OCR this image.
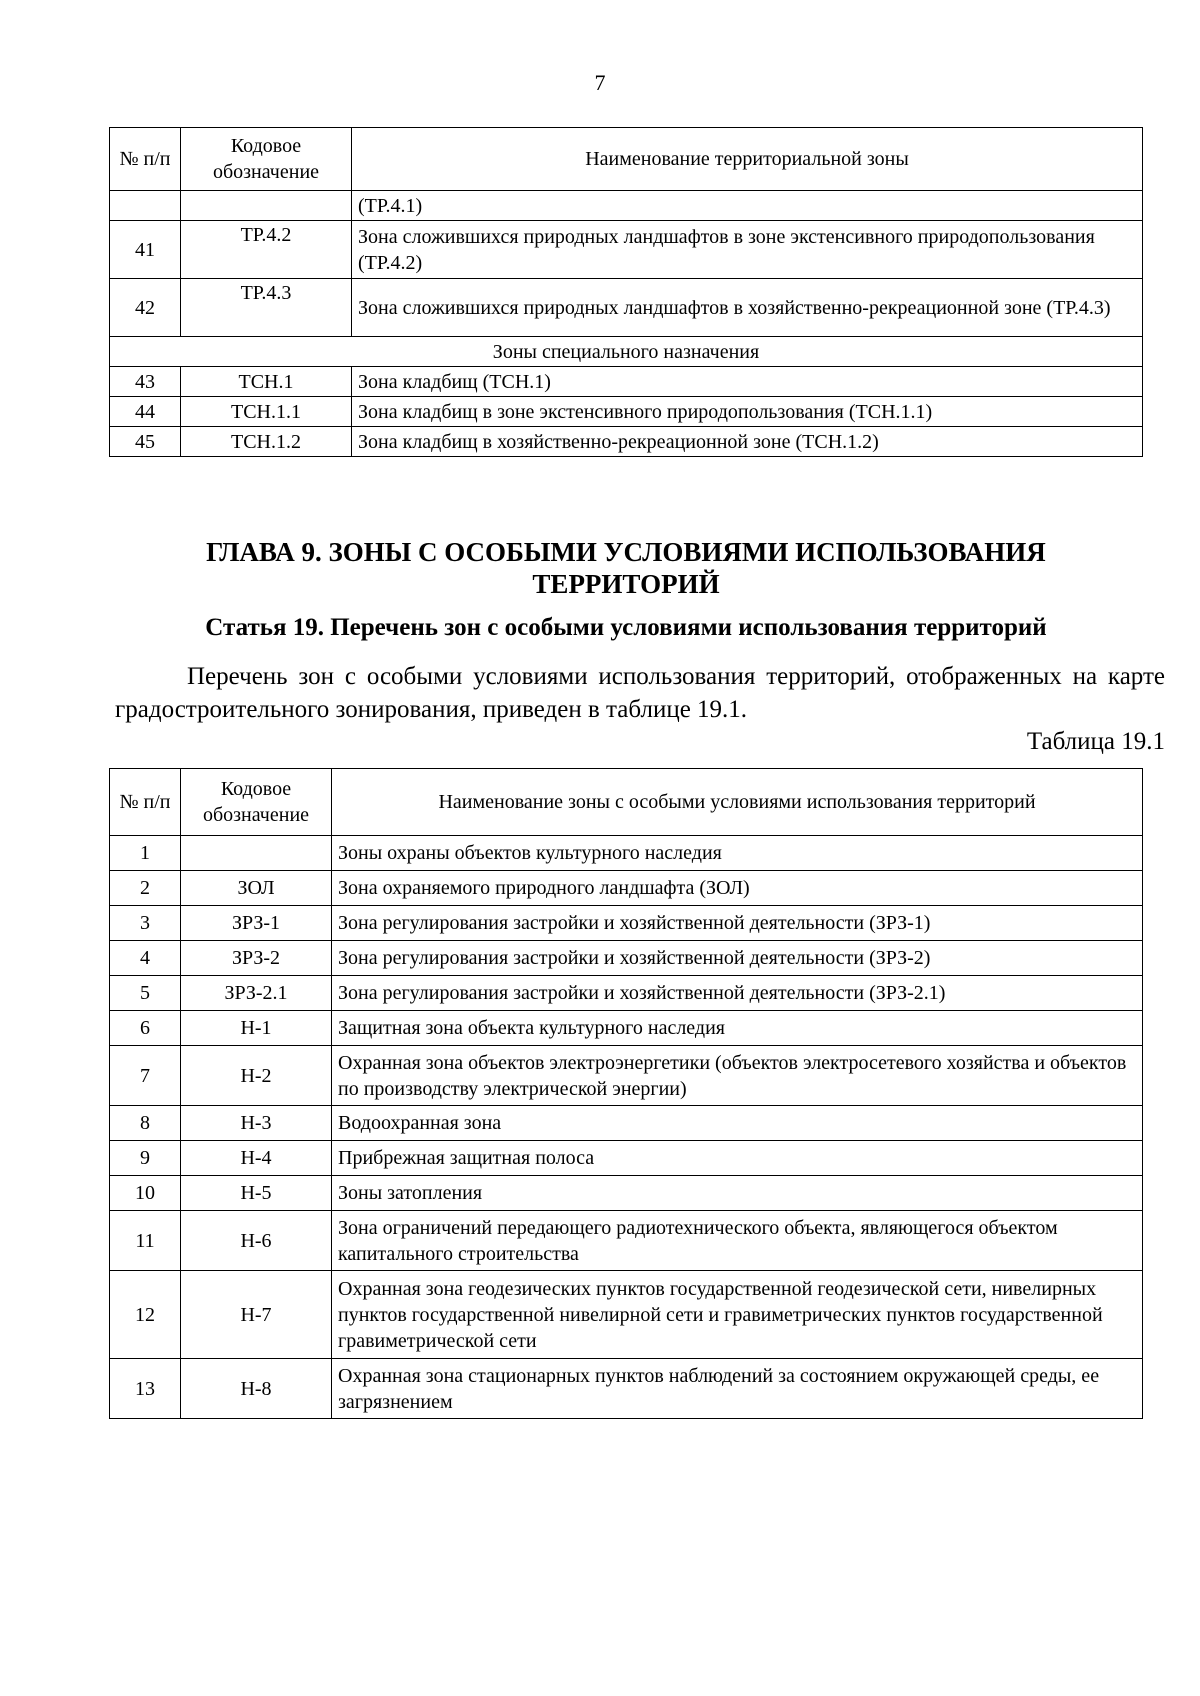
7
№ п/п	Кодовое обозначение	Наименование территориальной зоны
		(ТР.4.1)
41	ТР.4.2	Зона сложившихся природных ландшафтов в зоне экстенсивного природопользования (ТР.4.2)
42	ТР.4.3	Зона сложившихся природных ландшафтов в хозяйственно-рекреационной зоне (ТР.4.3)
Зоны специального назначения		
43	ТСН.1	Зона кладбищ (ТСН.1)
44	ТСН.1.1	Зона кладбищ в зоне экстенсивного природопользования (ТСН.1.1)
45	ТСН.1.2	Зона кладбищ в хозяйственно-рекреационной зоне (ТСН.1.2)
ГЛАВА 9. ЗОНЫ С ОСОБЫМИ УСЛОВИЯМИ ИСПОЛЬЗОВАНИЯ
ТЕРРИТОРИЙ
Статья 19. Перечень зон с особыми условиями использования территорий
Перечень зон с особыми условиями использования территорий, отображенных на карте градостроительного зонирования, приведен в таблице 19.1.
Таблица 19.1
№ п/п	Кодовое обозначение	Наименование зоны с особыми условиями использования территорий
1		Зоны охраны объектов культурного наследия
2	ЗОЛ	Зона охраняемого природного ландшафта (ЗОЛ)
3	ЗРЗ-1	Зона регулирования застройки и хозяйственной деятельности (ЗРЗ-1)
4	ЗРЗ-2	Зона регулирования застройки и хозяйственной деятельности (ЗРЗ-2)
5	ЗРЗ-2.1	Зона регулирования застройки и хозяйственной деятельности (ЗРЗ-2.1)
6	Н-1	Защитная зона объекта культурного наследия
7	Н-2	Охранная зона объектов электроэнергетики (объектов электросетевого хозяйства и объектов по производству электрической энергии)
8	Н-3	Водоохранная зона
9	Н-4	Прибрежная защитная полоса
10	Н-5	Зоны затопления
11	Н-6	Зона ограничений передающего радиотехнического объекта, являющегося объектом капитального строительства
12	Н-7	Охранная зона геодезических пунктов государственной геодезической сети, нивелирных пунктов государственной нивелирной сети и гравиметрических пунктов государственной гравиметрической сети
13	Н-8	Охранная зона стационарных пунктов наблюдений за состоянием окружающей среды, ее загрязнением
